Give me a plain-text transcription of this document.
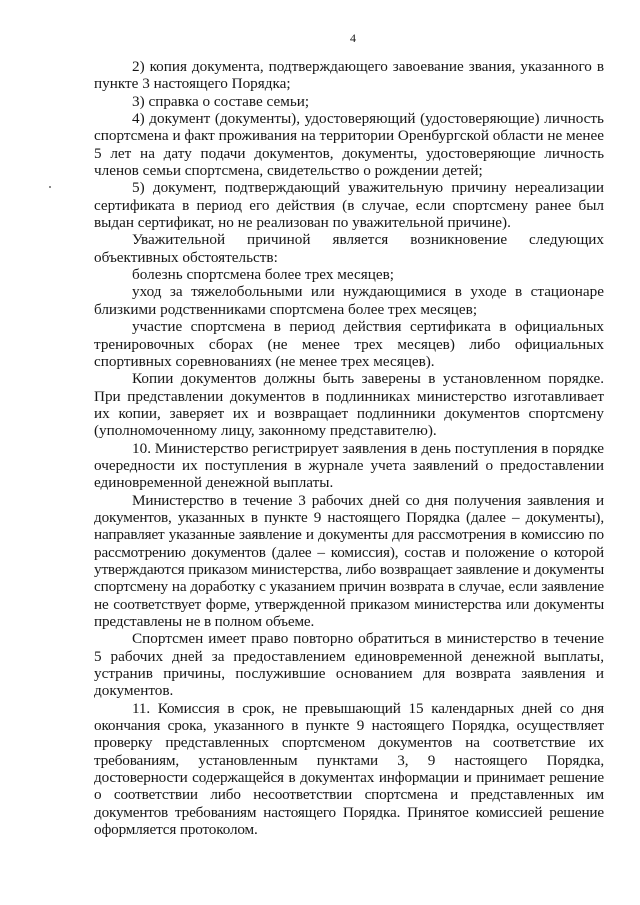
4

2) копия документа, подтверждающего завоевание звания, указанного в пункте 3 настоящего Порядка;

3) справка о составе семьи;

4) документ (документы), удостоверяющий (удостоверяющие) личность спортсмена и факт проживания на территории Оренбургской области не менее 5 лет на дату подачи документов, документы, удостоверяющие личность членов семьи спортсмена, свидетельство о рождении детей;

5) документ, подтверждающий уважительную причину нереализации сертификата в период его действия (в случае, если спортсмену ранее был выдан сертификат, но не реализован по уважительной причине).

Уважительной причиной является возникновение следующих объективных обстоятельств:

болезнь спортсмена более трех месяцев;

уход за тяжелобольными или нуждающимися в уходе в стационаре близкими родственниками спортсмена более трех месяцев;

участие спортсмена в период действия сертификата в официальных тренировочных сборах (не менее трех месяцев) либо официальных спортивных соревнованиях (не менее трех месяцев).

Копии документов должны быть заверены в установленном порядке. При представлении документов в подлинниках министерство изготавливает их копии, заверяет их и возвращает подлинники документов спортсмену (уполномоченному лицу, законному представителю).

10. Министерство регистрирует заявления в день поступления в порядке очередности их поступления в журнале учета заявлений о предоставлении единовременной денежной выплаты.

Министерство в течение 3 рабочих дней со дня получения заявления и документов, указанных в пункте 9 настоящего Порядка (далее – документы), направляет указанные заявление и документы для рассмотрения в комиссию по рассмотрению документов (далее – комиссия), состав и положение о которой утверждаются приказом министерства, либо возвращает заявление и документы спортсмену на доработку с указанием причин возврата в случае, если заявление не соответствует форме, утвержденной приказом министерства или документы представлены не в полном объеме.

Спортсмен имеет право повторно обратиться в министерство в течение 5 рабочих дней за предоставлением единовременной денежной выплаты, устранив причины, послужившие основанием для возврата заявления и документов.

11. Комиссия в срок, не превышающий 15 календарных дней со дня окончания срока, указанного в пункте 9 настоящего Порядка, осуществляет проверку представленных спортсменом документов на соответствие их требованиям, установленным пунктами 3, 9 настоящего Порядка, достоверности содержащейся в документах информации и принимает решение о соответствии либо несоответствии спортсмена и представленных им документов требованиям настоящего Порядка. Принятое комиссией решение оформляется протоколом.
